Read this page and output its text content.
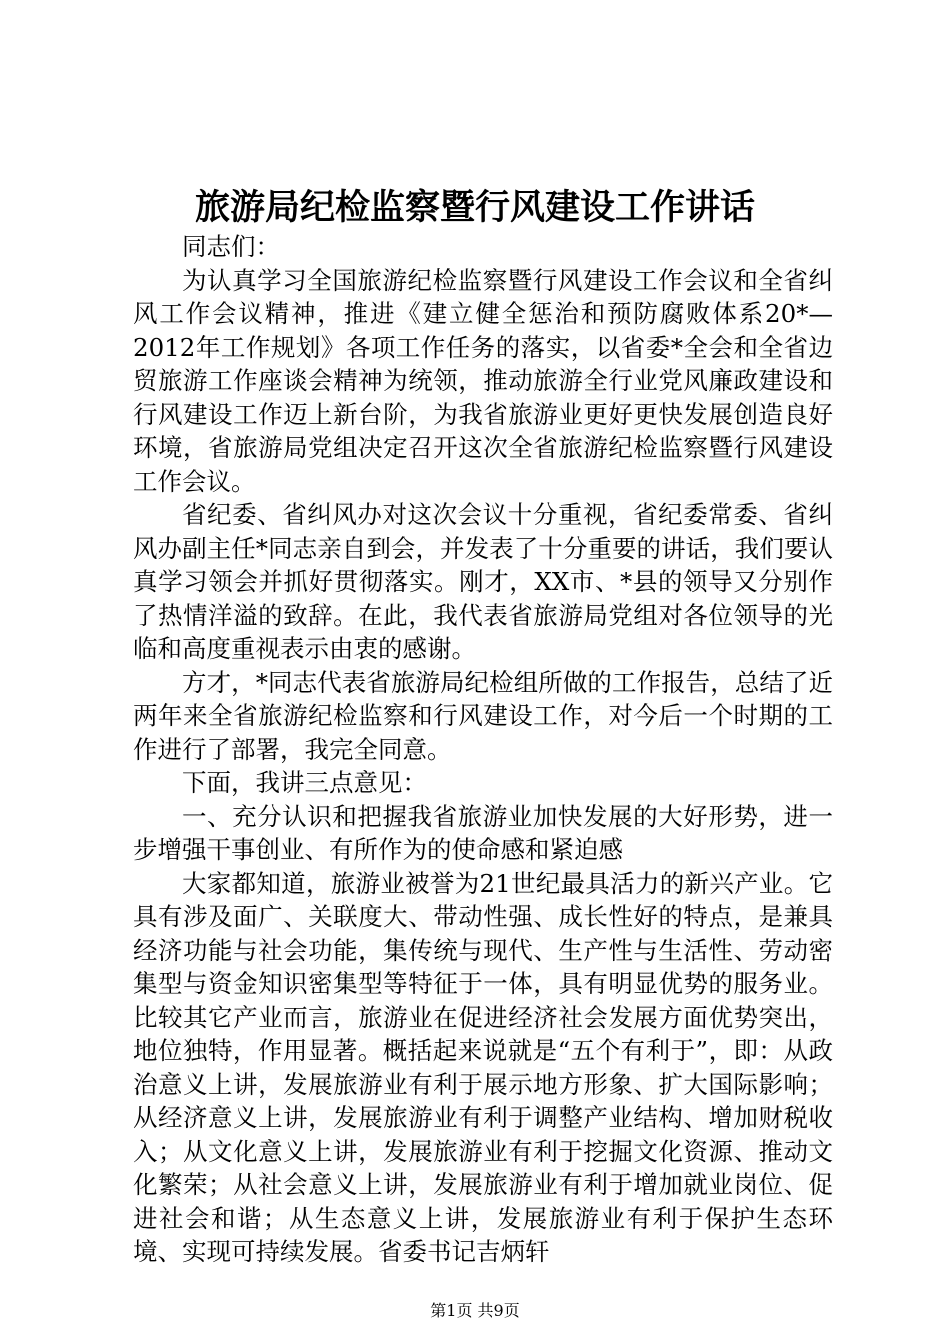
旅游局纪检监察暨行风建设工作讲话

同志们：

为认真学习全国旅游纪检监察暨行风建设工作会议和全省纠风工作会议精神，推进《建立健全惩治和预防腐败体系20*—2012年工作规划》各项工作任务的落实，以省委*全会和全省边贸旅游工作座谈会精神为统领，推动旅游全行业党风廉政建设和行风建设工作迈上新台阶，为我省旅游业更好更快发展创造良好环境，省旅游局党组决定召开这次全省旅游纪检监察暨行风建设工作会议。

省纪委、省纠风办对这次会议十分重视，省纪委常委、省纠风办副主任*同志亲自到会，并发表了十分重要的讲话，我们要认真学习领会并抓好贯彻落实。刚才，XX市、*县的领导又分别作了热情洋溢的致辞。在此，我代表省旅游局党组对各位领导的光临和高度重视表示由衷的感谢。

方才，*同志代表省旅游局纪检组所做的工作报告，总结了近两年来全省旅游纪检监察和行风建设工作，对今后一个时期的工作进行了部署，我完全同意。

下面，我讲三点意见：

一、充分认识和把握我省旅游业加快发展的大好形势，进一步增强干事创业、有所作为的使命感和紧迫感

大家都知道，旅游业被誉为21世纪最具活力的新兴产业。它具有涉及面广、关联度大、带动性强、成长性好的特点，是兼具经济功能与社会功能，集传统与现代、生产性与生活性、劳动密集型与资金知识密集型等特征于一体，具有明显优势的服务业。比较其它产业而言，旅游业在促进经济社会发展方面优势突出，地位独特，作用显著。概括起来说就是“五个有利于”，即：从政治意义上讲，发展旅游业有利于展示地方形象、扩大国际影响；从经济意义上讲，发展旅游业有利于调整产业结构、增加财税收入；从文化意义上讲，发展旅游业有利于挖掘文化资源、推动文化繁荣；从社会意义上讲，发展旅游业有利于增加就业岗位、促进社会和谐；从生态意义上讲，发展旅游业有利于保护生态环境、实现可持续发展。省委书记吉炳轩

第1页 共9页
